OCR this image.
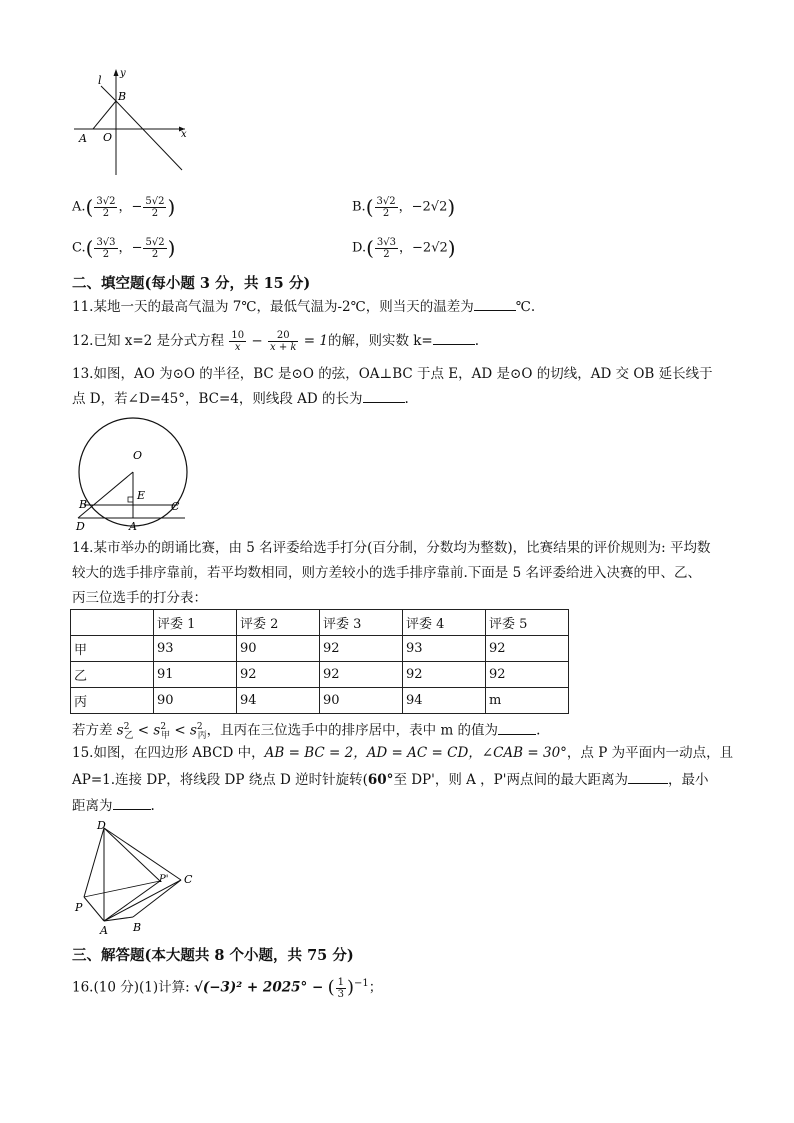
l
y
B
A O	x
$A.( \frac{3√2}{2}$ ，− $\frac{5√2}{2}$ )	$B.( \frac{3√2}{2}$ ，−2√2)
$C.( \frac{3√3}{2}$ ，− $\frac{5√2}{2}$ )	$D.( \frac{3√3}{2}$ ，−2√2)
二、填空题(每小题 3 分，共 15 分)
11.某地一天的最高气温为 7℃，最低气温为-2℃，则当天的温差为	℃.
12.已知 x=2 是分式方程 $\frac{10}{x} - \frac{20}{x + k} = 1$的解，则实数 k=	.
13.如图，AO 为⊙O 的半径，BC 是⊙O 的弦，OA⊥BC 于点 E，AD 是⊙O 的切线，AD 交 OB 延长线于
点 D，若∠D=45°，BC=4，则线段 AD 的长为	.
O
E
B	C
D	A
14.某市举办的朗诵比赛，由 5 名评委给选手打分(百分制，分数均为整数)，比赛结果的评价规则为: 平均数
较大的选手排序靠前，若平均数相同，则方差较小的选手排序靠前.下面是 5 名评委给进入决赛的甲、乙、
丙三位选手的打分表：
	评委 1	评委 2	评委 3	评委 4	评委 5
甲	93	90	92	93	92
乙	91	92	92	92	92
丙	90	94	90	94	m
若方差 $s^2_乙 < s^2_甲 < s^2_丙$，且丙在三位选手中的排序居中，表中 m 的值为	.
15.如图，在四边形 ABCD 中，AB = BC = 2，AD = AC = CD，∠CAB = 30°，点 P 为平面内一动点，且
AP=1.连接 DP，将线段 DP 绕点 D 逆时针旋转(60°至 DP'，则 A ，P'两点间的最大距离为	，最小
距离为	.
D
P' C
P
A B
三、解答题(本大题共 8 个小题，共 75 分)
16.(10 分)(1)计算: √(−3)² + 2025° − ( $\frac{1}{3} )^{-1}$；
